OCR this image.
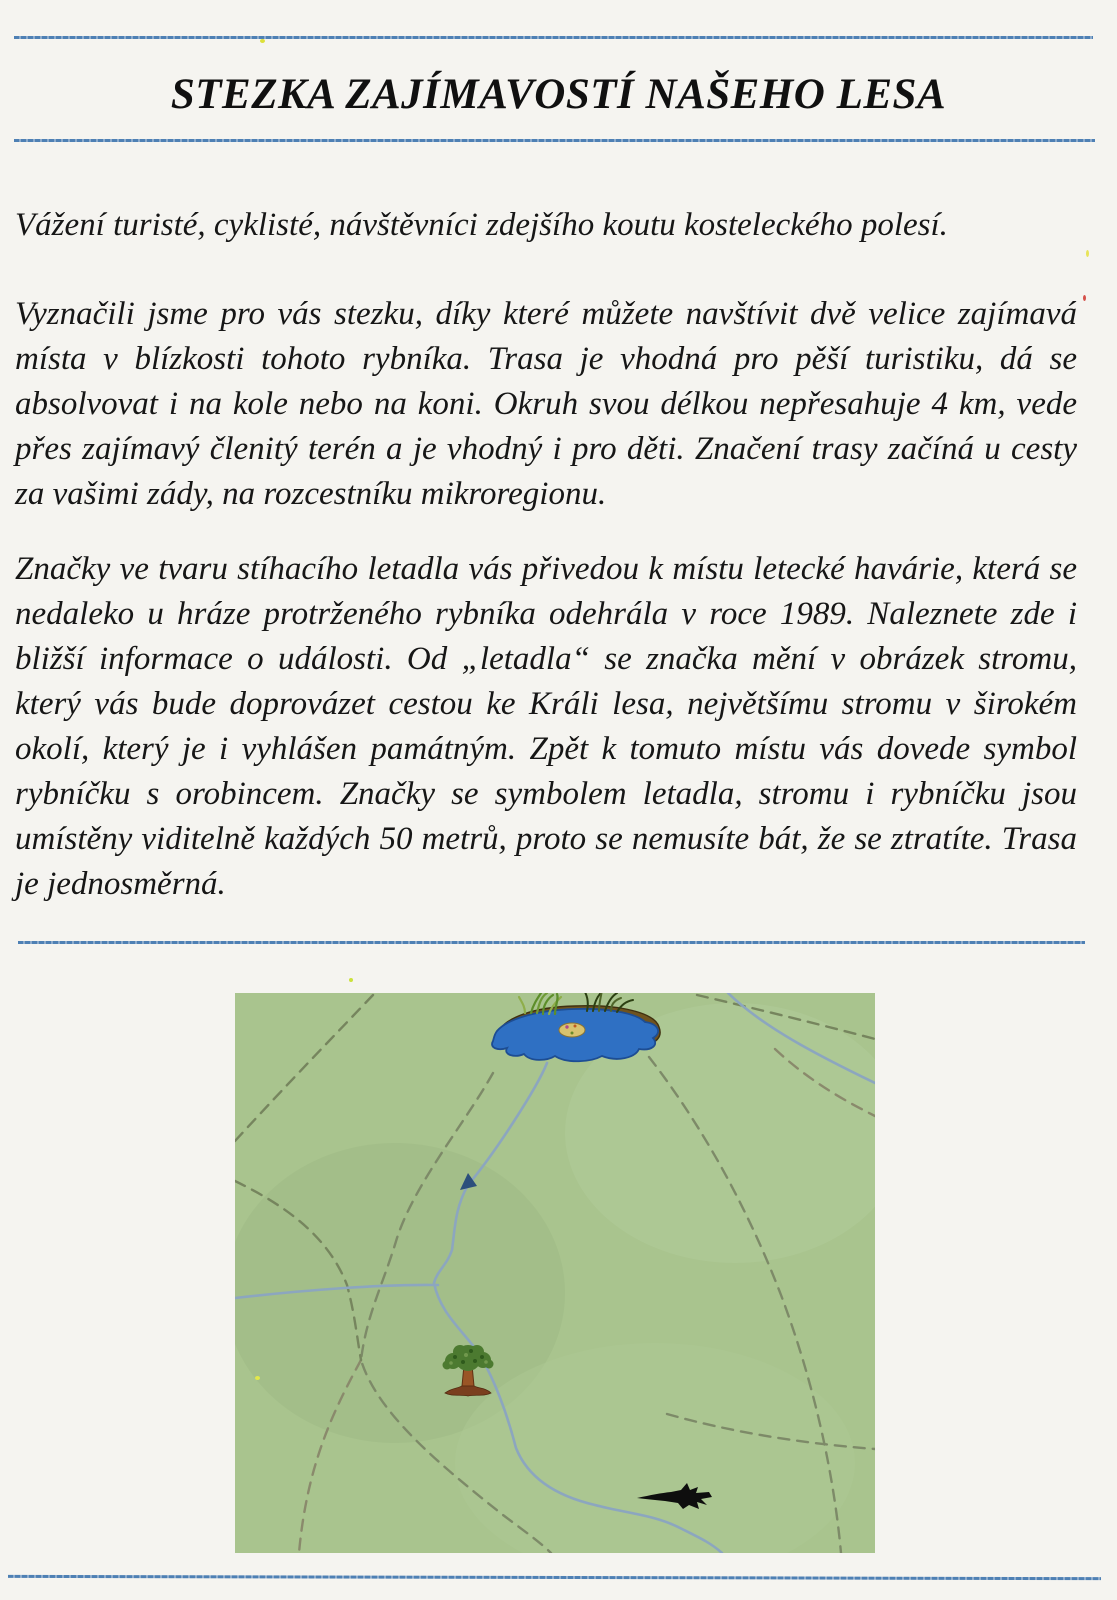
STEZKA ZAJÍMAVOSTÍ NAŠEHO LESA

Vážení turisté, cyklisté, návštěvníci zdejšího koutu kosteleckého polesí.

Vyznačili jsme pro vás stezku, díky které můžete navštívit dvě velice zajímavá místa v blízkosti tohoto rybníka. Trasa je vhodná pro pěší turistiku, dá se absolvovat i na kole nebo na koni. Okruh svou délkou nepřesahuje 4 km, vede přes zajímavý členitý terén a je vhodný i pro děti. Značení trasy začíná u cesty za vašimi zády, na rozcestníku mikroregionu.

Značky ve tvaru stíhacího letadla vás přivedou k místu letecké havárie, která se nedaleko u hráze protrženého rybníka odehrála v roce 1989. Naleznete zde i bližší informace o události. Od „letadla“ se značka mění v obrázek stromu, který vás bude doprovázet cestou ke Králi lesa, největšímu stromu v širokém okolí, který je i vyhlášen památným. Zpět k tomuto místu vás dovede symbol rybníčku s orobincem. Značky se symbolem letadla, stromu i rybníčku jsou umístěny viditelně každých 50 metrů, proto se nemusíte bát, že se ztratíte. Trasa je jednosměrná.
